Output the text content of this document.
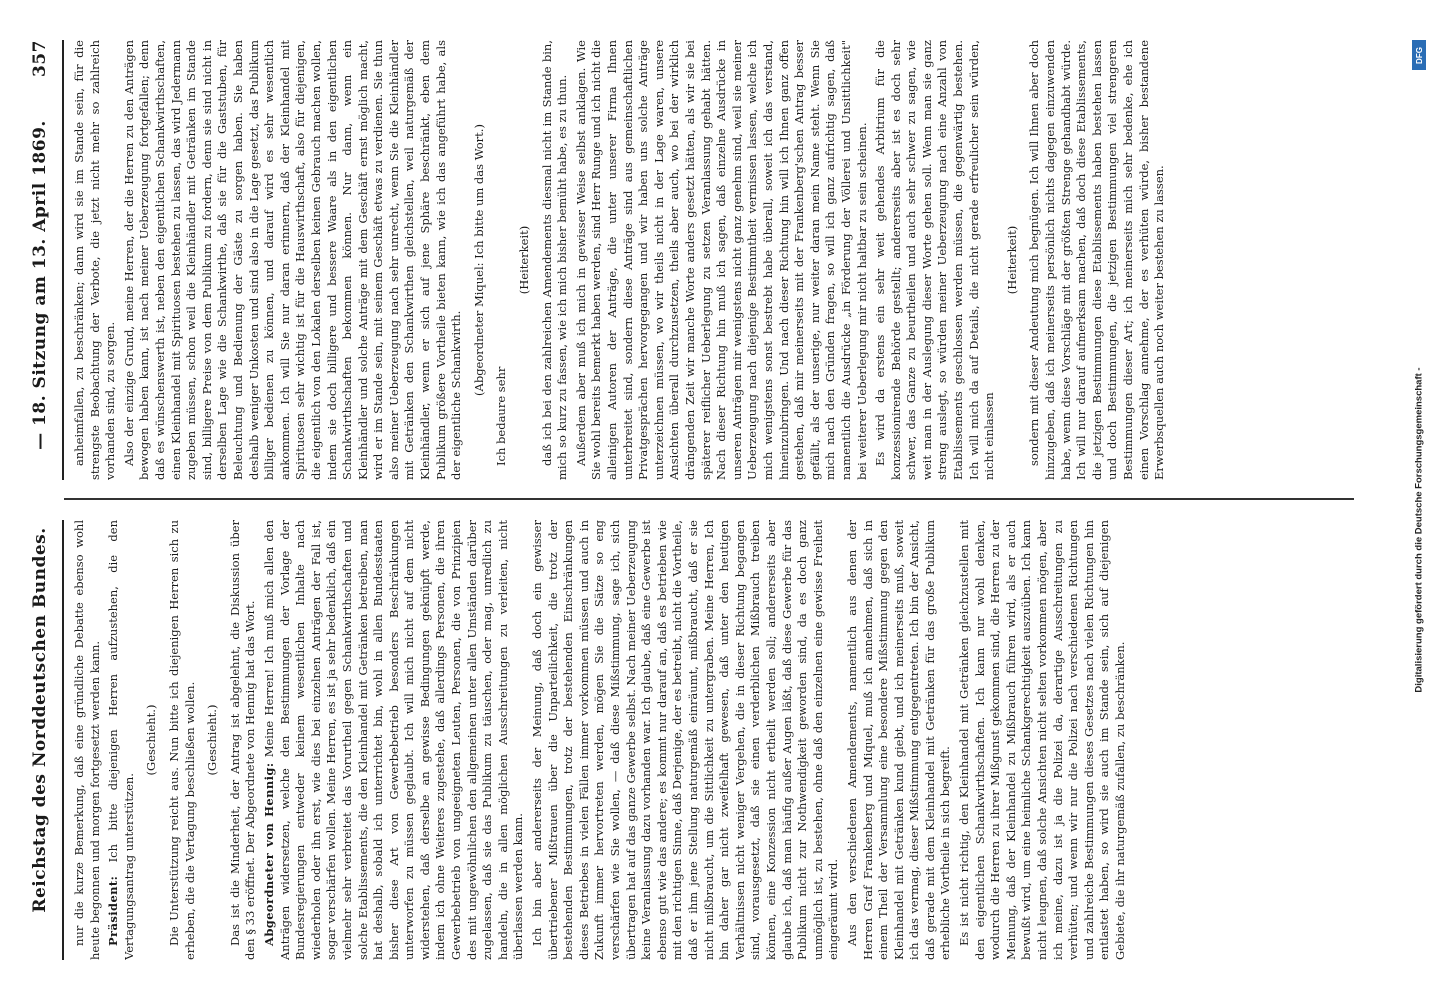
Reichstag des Norddeutschen Bundes.
— 18. Sitzung am 13. April 1869.
357

nur die kurze Bemerkung, daß eine gründliche Debatte ebenso wohl heute begonnen und morgen fortgesetzt werden kann. Präsident: Ich bitte diejenigen Herren aufzustehen, die den Vertagungsantrag unterstützen.

(Geschieht.) Die Unterstützung reicht aus. Nun bitte ich diejenigen Herren sich zu erheben, die die Vertagung beschließen wollen. (Geschieht.) Das ist die Minderheit, der Antrag ist abgelehnt, die Diskussion über den § 33 eröffnet. Der Abgeordnete von Hennig hat das Wort. Abgeordneter von Hennig: Meine Herren! Ich muß mich allen den Anträgen widersetzen, welche den Bestimmungen der Vorlage der Bundesregierungen entweder keinem wesentlichen Inhalte nach wiederholen oder ihn erst, wie dies bei einzelnen Anträgen der Fall ist, sogar verschärfen wollen. Meine Herren, es ist ja sehr bedenklich, daß ein vielmehr sehr verbreitet das Vorurtheil gegen Schankwirthschaften und solche Etablissements, die den Kleinhandel mit Getränken betreiben, man hat deshalb, sobald ich unterrichtet bin, wohl in allen Bundesstaaten bisher diese Art von Gewerbebetrieb besonders Beschränkungen unterworfen zu müssen geglaubt. Ich will mich nicht auf dem nicht widerstehen, daß derselbe an gewisse Bedingungen geknüpft werde, indem ich ohne Weiteres zugestehe, daß allerdings Personen, die ihren Gewerbebetrieb von ungeeigneten Leuten, Personen, die von Prinzipien des mit ungewöhnlichen den allgemeinen unter allen Umständen darüber zugelassen, daß sie das Publikum zu täuschen, oder mag, unredlich zu handeln, die in allen möglichen Ausschreitungen zu verleiten, nicht überlassen werden kann. Ich bin aber andererseits der Meinung, daß doch ein gewisser übertriebener Mißtrauen über die Unparteilichkeit, die trotz der bestehenden Bestimmungen, trotz der bestehenden Einschränkungen dieses Betriebes in vielen Fällen immer vorkommen müssen und auch in Zukunft immer hervortreten werden, mögen Sie die Sätze so eng verschärfen wie Sie wollen, — daß diese Mißstimmung, sage ich, sich übertragen hat auf das ganze Gewerbe selbst. Nach meiner Ueberzeugung keine Veranlassung dazu vorhanden war. Ich glaube, daß eine Gewerbe ist ebenso gut wie das andere; es kommt nur darauf an, daß es betrieben wie mit den richtigen Sinne, daß Derjenige, der es betreibt, nicht die Vortheile, daß er ihm jene Stellung naturgemäß einräumt, mißbraucht, daß er sie nicht mißbraucht, um die Sittlichkeit zu untergraben. Meine Herren, Ich bin daher gar nicht zweifelhaft gewesen, daß unter den heutigen Verhältnissen nicht weniger Vergehen, die in dieser Richtung begangen sind, vorausgesetzt, daß sie einen verderblichen Mißbrauch treiben können, eine Konzession nicht ertheilt werden soll; andererseits aber glaube ich, daß man häufig außer Augen läßt, daß diese Gewerbe für das Publikum nicht zur Nothwendigkeit geworden sind, da es doch ganz unmöglich ist, zu bestehen, ohne daß den einzelnen eine gewisse Freiheit eingeräumt wird. Aus den verschiedenen Amendements, namentlich aus denen der Herren Graf Frankenberg und Miquel, muß ich annehmen, daß sich in einem Theil der Versammlung eine besondere Mißstimmung gegen den Kleinhandel mit Getränken kund giebt, und ich meinerseits muß, soweit ich das vermag, dieser Mißstimmung entgegentreten. Ich bin der Ansicht, daß gerade mit dem Kleinhandel mit Getränken für das große Publikum erhebliche Vortheile in sich begreift. Es ist nicht richtig, den Kleinhandel mit Getränken gleichzustellen mit den eigentlichen Schankwirthschaften. Ich kann nur wohl denken, wodurch die Herren zu ihrer Mißgunst gekommen sind, die Herren zu der Meinung, daß der Kleinhandel zu Mißbrauch führen wird, als er auch bewußt wird, um eine heimliche Schankgerechtigkeit auszuüben. Ich kann nicht leugnen, daß solche Ansichten nicht selten vorkommen mögen, aber ich meine, dazu ist ja die Polizei da, derartige Ausschreitungen zu verhüten; und wenn wir nur die Polizei nach verschiedenen Richtungen und zahlreiche Bestimmungen dieses Gesetzes nach vielen Richtungen hin entlastet haben, so wird sie auch im Stande sein, sich auf diejenigen Gebiete, die ihr naturgemäß zufallen, zu beschränken.

anheimfallen, zu beschränken; dann wird sie im Stande sein, für die strengste Beobachtung der Verbote, die jetzt nicht mehr so zahlreich vorhanden sind, zu sorgen. Also der einzige Grund, meine Herren, der die Herren zu den Anträgen bewogen haben kann, ist nach meiner Ueberzeugung fortgefallen; denn daß es wünschenswerth ist, neben den eigentlichen Schankwirthschaften, einen Kleinhandel mit Spirituosen bestehen zu lassen, das wird Jedermann zugeben müssen, schon weil die Kleinhändler mit Getränken im Stande sind, billigere Preise von dem Publikum zu fordern, denn sie sind nicht in derselben Lage wie die Schankwirthe, daß sie für die Gaststuben, für Beleuchtung und Bedienung der Gäste zu sorgen haben. Sie haben deshalb weniger Unkosten und sind also in die Lage gesetzt, das Publikum billiger bedienen zu können, und darauf wird es sehr wesentlich ankommen. Ich will Sie nur daran erinnern, daß der Kleinhandel mit Spirituosen sehr wichtig ist für die Hauswirthschaft, also für diejenigen, die eigentlich von den Lokalen derselben keinen Gebrauch machen wollen, indem sie doch billigere und bessere Waare als in den eigentlichen Schankwirthschaften bekommen können. Nur dann, wenn ein Kleinhändler und solche Anträge mit dem Geschäft ernst möglich macht, wird er im Stande sein, mit seinem Geschäft etwas zu verdienen. Sie thun also meiner Ueberzeugung nach sehr unrecht, wenn Sie die Kleinhändler mit Getränken den Schankwirthen gleichstellen, weil naturgemäß der Kleinhändler, wenn er sich auf jene Sphäre beschränkt, eben dem Publikum größere Vortheile bieten kann, wie ich das angeführt habe, als der eigentliche Schankwirth. (Abgeordneter Miquel: Ich bitte um das Wort.)

Ich bedaure sehr

(Heiterkeit) daß ich bei den zahlreichen Amendements diesmal nicht im Stande bin, mich so kurz zu fassen, wie ich mich bisher bemüht habe, es zu thun. Außerdem aber muß ich mich in gewisser Weise selbst anklagen. Wie Sie wohl bereits bemerkt haben werden, sind Herr Runge und ich nicht die alleinigen Autoren der Anträge, die unter unserer Firma Ihnen unterbreitet sind, sondern diese Anträge sind aus gemeinschaftlichen Privatgesprächen hervorgegangen und wir haben uns solche Anträge unterzeichnen müssen, wo wir theils nicht in der Lage waren, unsere Ansichten überall durchzusetzen, theils aber auch, wo bei der wirklich drängenden Zeit wir manche Worte anders gesetzt hätten, als wir sie bei späterer reiflicher Ueberlegung zu setzen Veranlassung gehabt hätten. Nach dieser Richtung hin muß ich sagen, daß einzelne Ausdrücke in unseren Anträgen mir wenigstens nicht ganz genehm sind, weil sie meiner Ueberzeugung nach diejenige Bestimmtheit vermissen lassen, welche ich mich wenigstens sonst bestrebt habe überall, soweit ich das verstand, hineinzubringen. Und nach dieser Richtung hin will ich Ihnen ganz offen gestehen, daß mir meinerseits mit der Frankenberg'schen Antrag besser gefällt, als der unserige, nur weiter daran mein Name steht. Wenn Sie mich nach den Gründen fragen, so will ich ganz aufrichtig sagen, daß namentlich die Ausdrücke „in Förderung der Völlerei und Unsittlichkeit" bei weiterer Ueberlegung mir nicht haltbar zu sein scheinen. Es wird da erstens ein sehr weit gehendes Arbitrium für die konzessionirende Behörde gestellt; andererseits aber ist es doch sehr schwer, das Ganze zu beurtheilen und auch sehr schwer zu sagen, wie weit man in der Auslegung dieser Worte gehen soll. Wenn man sie ganz streng auslegt, so würden meiner Ueberzeugung nach eine Anzahl von Etablissements geschlossen werden müssen, die gegenwärtig bestehen. Ich will mich da auf Details, die nicht gerade erfreulicher sein würden, nicht einlassen

(Heiterkeit) sondern mit dieser Andeutung mich begnügen. Ich will Ihnen aber doch hinzugeben, daß ich meinerseits persönlich nichts dagegen einzuwenden habe, wenn diese Vorschläge mit der größten Strenge gehandhabt würde. Ich will nur darauf aufmerksam machen, daß doch diese Etablissements, die jetzigen Bestimmungen diese Etablissements haben bestehen lassen und doch Bestimmungen, die jetzigen Bestimmungen viel strengeren Bestimmungen dieser Art; ich meinerseits mich sehr bedenke, ehe ich einen Vorschlag annehme, der es verhüten würde, bisher bestandene Erwerbsquellen auch noch weiter bestehen zu lassen.

DFG
Digitalisierung gefördert durch die Deutsche Forschungsgemeinschaft -
